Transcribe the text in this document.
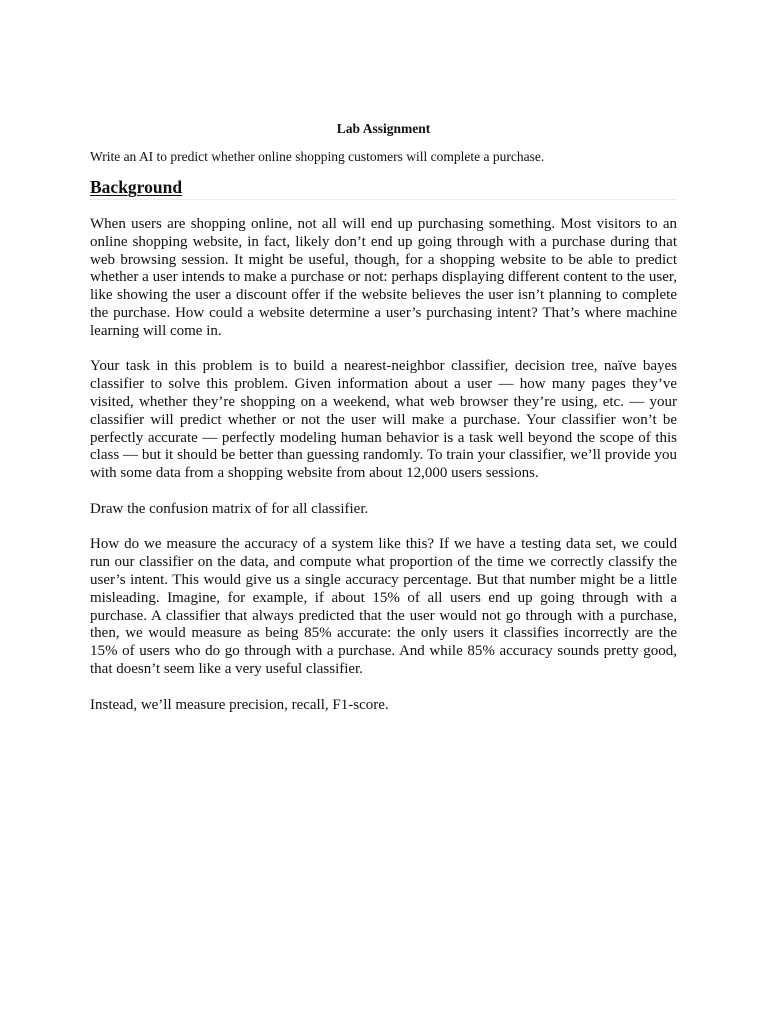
Lab Assignment

Write an AI to predict whether online shopping customers will complete a purchase.

Background

When users are shopping online, not all will end up purchasing something. Most visitors to an online shopping website, in fact, likely don’t end up going through with a purchase during that web browsing session. It might be useful, though, for a shopping website to be able to predict whether a user intends to make a purchase or not: perhaps displaying different content to the user, like showing the user a discount offer if the website believes the user isn’t planning to complete the purchase. How could a website determine a user’s purchasing intent? That’s where machine learning will come in.

Your task in this problem is to build a nearest-neighbor classifier, decision tree, naïve bayes classifier to solve this problem. Given information about a user — how many pages they’ve visited, whether they’re shopping on a weekend, what web browser they’re using, etc. — your classifier will predict whether or not the user will make a purchase. Your classifier won’t be perfectly accurate — perfectly modeling human behavior is a task well beyond the scope of this class — but it should be better than guessing randomly. To train your classifier, we’ll provide you with some data from a shopping website from about 12,000 users sessions.

Draw the confusion matrix of for all classifier.

How do we measure the accuracy of a system like this? If we have a testing data set, we could run our classifier on the data, and compute what proportion of the time we correctly classify the user’s intent. This would give us a single accuracy percentage. But that number might be a little misleading. Imagine, for example, if about 15% of all users end up going through with a purchase. A classifier that always predicted that the user would not go through with a purchase, then, we would measure as being 85% accurate: the only users it classifies incorrectly are the 15% of users who do go through with a purchase. And while 85% accuracy sounds pretty good, that doesn’t seem like a very useful classifier.

Instead, we’ll measure precision, recall, F1-score.
